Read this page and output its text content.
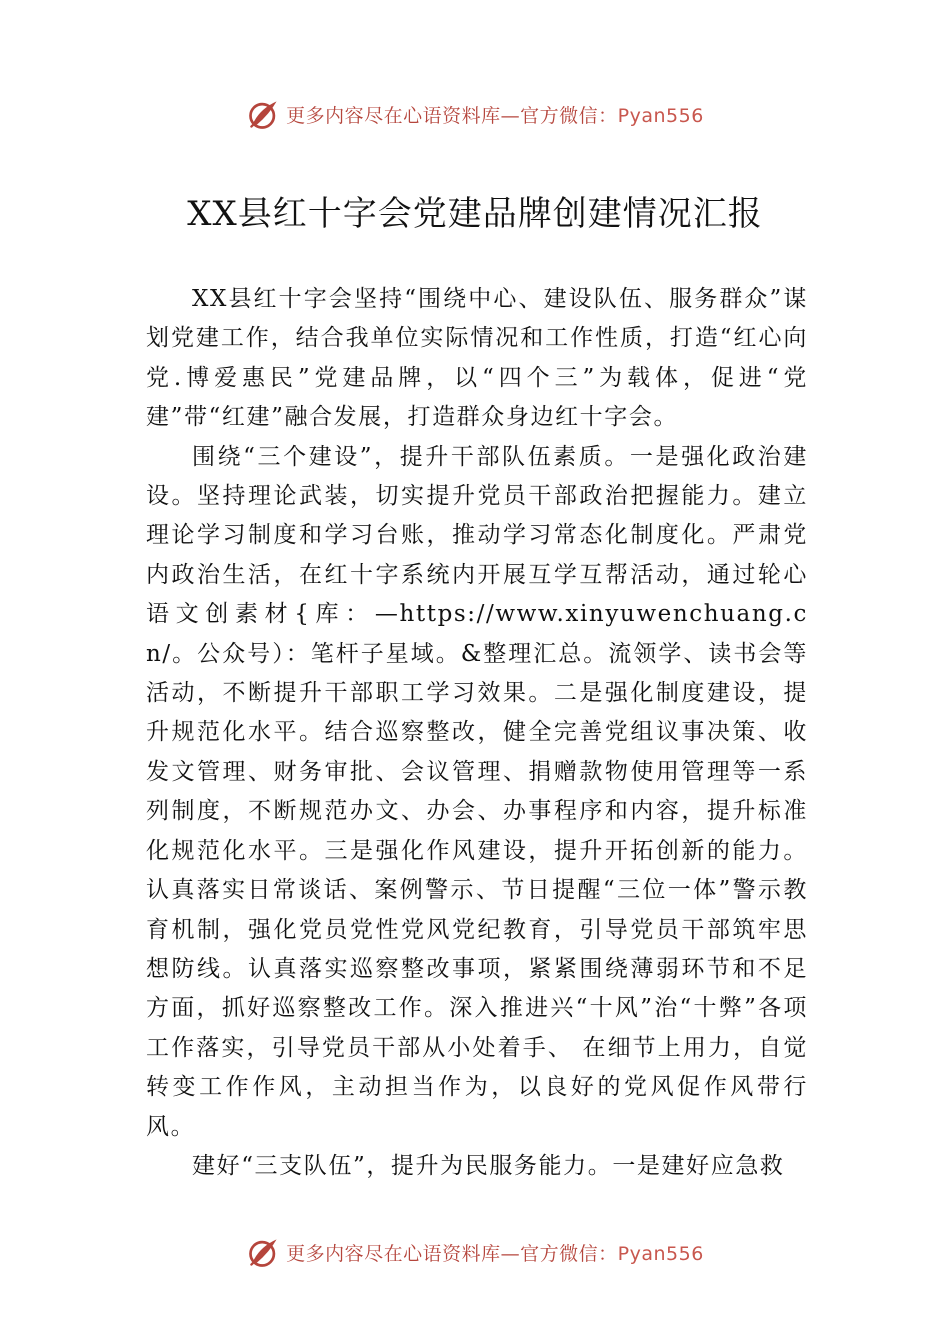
更多内容尽在心语资料库—官方微信：Pyan556
XX县红十字会党建品牌创建情况汇报

XX县红十字会坚持“围绕中心、建设队伍、服务群众”谋划党建工作，结合我单位实际情况和工作性质，打造“红心向党.博爱惠民”党建品牌，以“四个三”为载体，促进“党建”带“红建”融合发展，打造群众身边红十字会。

围绕“三个建设”，提升干部队伍素质。一是强化政治建设。坚持理论武装，切实提升党员干部政治把握能力。建立理论学习制度和学习台账，推动学习常态化制度化。严肃党内政治生活，在红十字系统内开展互学互帮活动，通过轮心语文创素材{库：—https://www.xinyuwenchuang.cn/。公众号）：笔杆子星域。&整理汇总。流领学、读书会等活动，不断提升干部职工学习效果。二是强化制度建设，提升规范化水平。结合巡察整改，健全完善党组议事决策、收发文管理、财务审批、会议管理、捐赠款物使用管理等一系列制度，不断规范办文、办会、办事程序和内容，提升标准化规范化水平。三是强化作风建设，提升开拓创新的能力。认真落实日常谈话、案例警示、节日提醒“三位一体”警示教育机制，强化党员党性党风党纪教育，引导党员干部筑牢思想防线。认真落实巡察整改事项，紧紧围绕薄弱环节和不足方面，抓好巡察整改工作。深入推进兴“十风”治“十弊”各项工作落实，引导党员干部从小处着手、 在细节上用力，自觉转变工作作风，主动担当作为，以良好的党风促作风带行风。

建好“三支队伍”，提升为民服务能力。一是建好应急救

更多内容尽在心语资料库—官方微信：Pyan556
